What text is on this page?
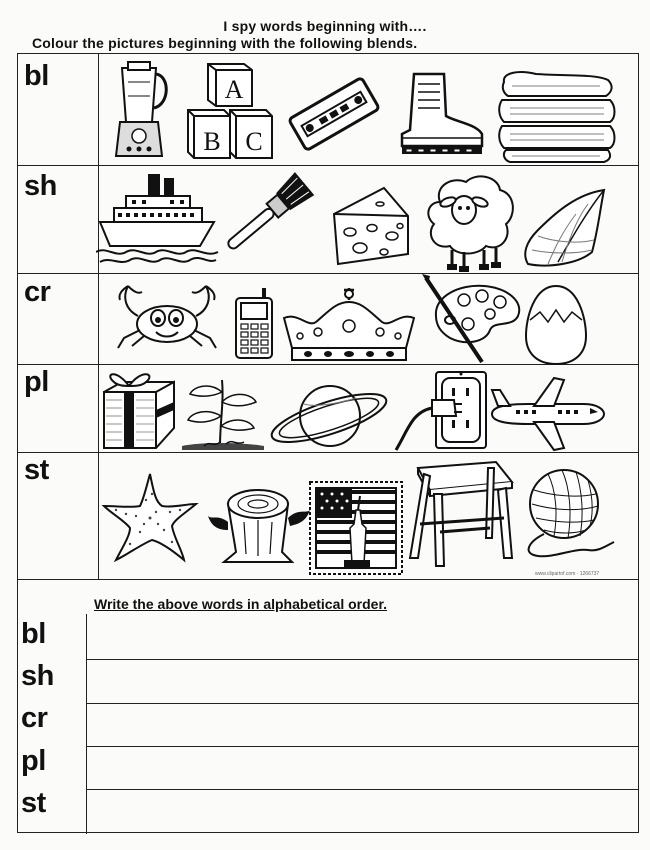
I spy words beginning with….
Colour the pictures beginning with the following blends.
bl
sh
cr
pl
st
A
B C
www.clipartof.com · 1266737
Write the above words in alphabetical order.
bl
sh
cr
pl
st
